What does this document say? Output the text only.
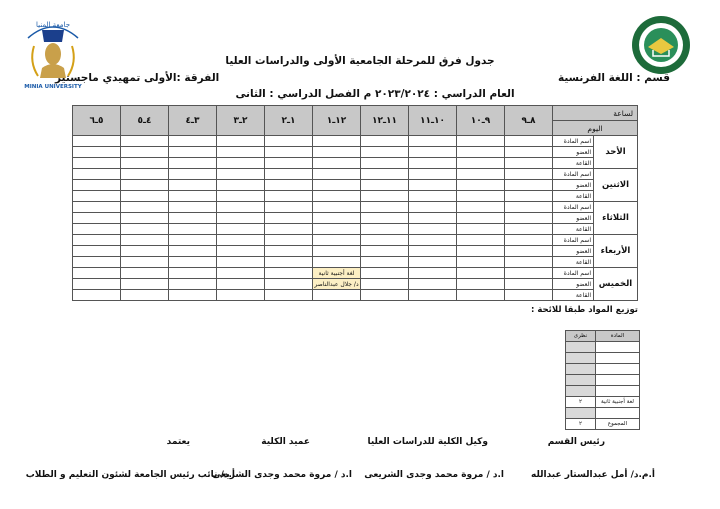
جامعة المنيا
MINIA UNIVERSITY
جدول فرق للمرحلة الجامعية الأولى والدراسات العليا
قسم : اللغة الفرنسية
الفرقة :الأولى تمهيدي ماجستير
العام الدراسي : ٢٠٢٣/٢٠٢٤ م الفصل الدراسي : الثانى
٥ـ٦	٤ـ٥	٣ـ٤	٢ـ٣	١ـ٢	١٢ـ١	١١ـ١٢	١٠ـ١١	٩ـ١٠	٨ـ٩	لساعة	
										اليوم	
										اسم المادة	الأحد
										العضو	
										القاعة	
										اسم المادة	الاثنين
										العضو	
										القاعة	
										اسم المادة	الثلاثاء
										العضو	
										القاعة	
										اسم المادة	الأربعاء
										العضو	
										القاعة	
					لغة أجنبية ثانية					اسم المادة	الخميس
					د/ جلال عبدالناصر					العضو	
										القاعة	
توزيع المواد طبقا للائحة :
نظرى	المادة

٢	لغة أجنبية ثانية

٢	المجموع
رئيس القسم
وكيل الكلية للدراسات العليا
عميد الكلية
يعتمد
أ.م.د/ أمل عبدالستار عبدالله
ا.د / مروة محمد وجدى الشريعى
ا.د / مروة محمد وجدى الشريعى
أ.د/ نائب رئيس الجامعة لشئون التعليم و الطلاب
